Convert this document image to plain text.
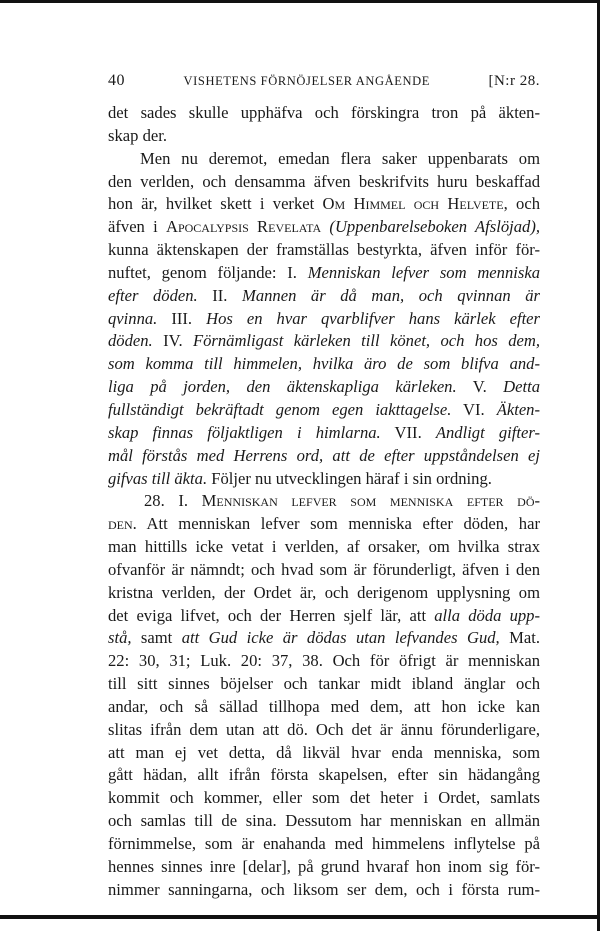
40	VISHETENS FÖRNÖJELSER ANGÅENDE	[N:r 28.
det sades skulle upphäfva och förskingra tron på äkten-
skap der.
Men nu deremot, emedan flera saker uppenbarats om
den verlden, och densamma äfven beskrifvits huru beskaffad
hon är, hvilket skett i verket Om Himmel och Helvete, och
äfven i Apocalypsis Revelata (Uppenbarelseboken Afslöjad),
kunna äktenskapen der framställas bestyrkta, äfven inför för-
nuftet, genom följande: I. Menniskan lefver som menniska
efter döden. II. Mannen är då man, och qvinnan är
qvinna. III. Hos en hvar qvarblifver hans kärlek efter
döden. IV. Förnämligast kärleken till könet, och hos dem,
som komma till himmelen, hvilka äro de som blifva and-
liga på jorden, den äktenskapliga kärleken. V. Detta
fullständigt bekräftadt genom egen iakttagelse. VI. Äkten-
skap finnas följaktligen i himlarna. VII. Andligt gifter-
mål förstås med Herrens ord, att de efter uppståndelsen ej
gifvas till äkta. Följer nu utvecklingen häraf i sin ordning.
28. I. Menniskan lefver som menniska efter dö-
den. Att menniskan lefver som menniska efter döden, har
man hittills icke vetat i verlden, af orsaker, om hvilka strax
ofvanför är nämndt; och hvad som är förunderligt, äfven i den
kristna verlden, der Ordet är, och derigenom upplysning om
det eviga lifvet, och der Herren sjelf lär, att alla döda upp-
stå, samt att Gud icke är dödas utan lefvandes Gud, Mat.
22: 30, 31; Luk. 20: 37, 38. Och för öfrigt är menniskan
till sitt sinnes böjelser och tankar midt ibland änglar och
andar, och så sällad tillhopa med dem, att hon icke kan
slitas ifrån dem utan att dö. Och det är ännu förunderligare,
att man ej vet detta, då likväl hvar enda menniska, som
gått hädan, allt ifrån första skapelsen, efter sin hädangång
kommit och kommer, eller som det heter i Ordet, samlats
och samlas till de sina. Dessutom har menniskan en allmän
förnimmelse, som är enahanda med himmelens inflytelse på
hennes sinnes inre [delar], på grund hvaraf hon inom sig för-
nimmer sanningarna, och liksom ser dem, och i första rum-
